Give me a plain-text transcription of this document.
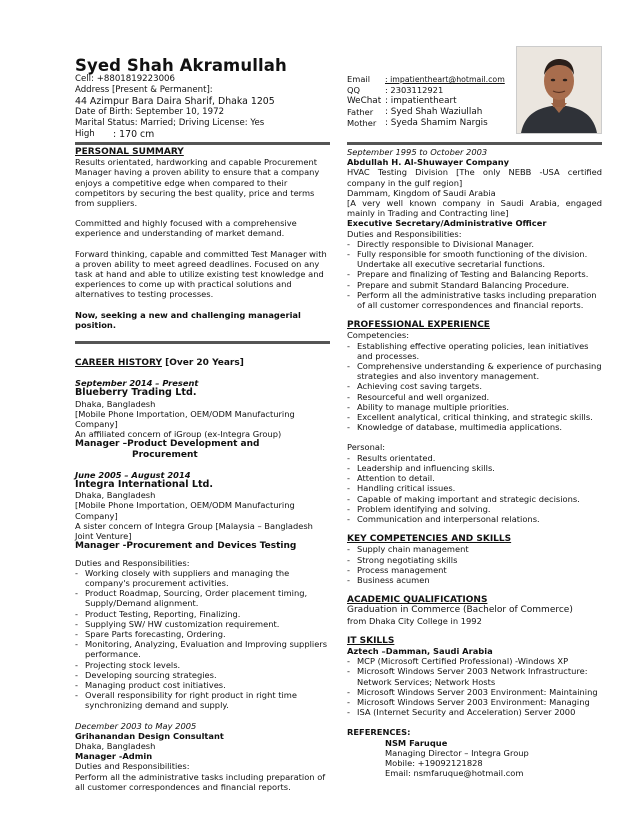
Syed Shah Akramullah
Cell: +8801819223006
Address [Present & Permanent]:
44 Azimpur Bara Daira Sharif, Dhaka 1205
Date of Birth: September 10, 1972
Marital Status: Married; Driving License: Yes
High	: 170 cm
Email	: impatientheart@hotmail.com
QQ	: 2303112921
WeChat : impatientheart
Father	: Syed Shah Waziullah
Mother : Syeda Shamim Nargis
PERSONAL SUMMARY

Results orientated, hardworking and capable Procurement Manager having a proven ability to ensure that a company enjoys a competitive edge when compared to their competitors by securing the best quality, price and terms from suppliers.

Committed and highly focused with a comprehensive experience and understanding of market demand.

Forward thinking, capable and committed Test Manager with a proven ability to meet agreed deadlines. Focused on any task at hand and able to utilize existing test knowledge and experiences to come up with practical solutions and alternatives to testing processes.

Now, seeking a new and challenging managerial position.

CAREER HISTORY [Over 20 Years]
September 2014 – Present
Blueberry Trading Ltd.
Dhaka, Bangladesh
[Mobile Phone Importation, OEM/ODM Manufacturing Company]
An affiliated concern of iGroup (ex-Integra Group)
Manager –Product Development and
Procurement
June 2005 – August 2014
Integra International Ltd.
Dhaka, Bangladesh
[Mobile Phone Importation, OEM/ODM Manufacturing Company]
A sister concern of Integra Group [Malaysia – Bangladesh Joint Venture]
Manager -Procurement and Devices Testing
Duties and Responsibilities:
- Working closely with suppliers and managing the company's procurement activities.
- Product Roadmap, Sourcing, Order placement timing, Supply/Demand alignment.
- Product Testing, Reporting, Finalizing.
- Supplying SW/ HW customization requirement.
- Spare Parts forecasting, Ordering.
- Monitoring, Analyzing, Evaluation and Improving suppliers performance.
- Projecting stock levels.
- Developing sourcing strategies.
- Managing product cost initiatives.
- Overall responsibility for right product in right time synchronizing demand and supply.
December 2003 to May 2005
Grihanandan Design Consultant
Dhaka, Bangladesh
Manager -Admin
Duties and Responsibilities:
Perform all the administrative tasks including preparation of all customer correspondences and financial reports.
September 1995 to October 2003
Abdullah H. Al-Shuwayer Company
HVAC Testing Division [The only NEBB -USA certified company in the gulf region]
Dammam, Kingdom of Saudi Arabia
[A very well known company in Saudi Arabia, engaged mainly in Trading and Contracting line]
Executive Secretary/Administrative Officer
Duties and Responsibilities:
- Directly responsible to Divisional Manager.
- Fully responsible for smooth functioning of the division. Undertake all executive secretarial functions.
- Prepare and finalizing of Testing and Balancing Reports.
- Prepare and submit Standard Balancing Procedure.
- Perform all the administrative tasks including preparation of all customer correspondences and financial reports.
PROFESSIONAL EXPERIENCE
Competencies:
- Establishing effective operating policies, lean initiatives and processes.
- Comprehensive understanding & experience of purchasing strategies and also inventory management.
- Achieving cost saving targets.
- Resourceful and well organized.
- Ability to manage multiple priorities.
- Excellent analytical, critical thinking, and strategic skills.
- Knowledge of database, multimedia applications.
Personal:
- Results orientated.
- Leadership and influencing skills.
- Attention to detail.
- Handling critical issues.
- Capable of making important and strategic decisions.
- Problem identifying and solving.
- Communication and interpersonal relations.
KEY COMPETENCIES AND SKILLS
- Supply chain management
- Strong negotiating skills
- Process management
- Business acumen
ACADEMIC QUALIFICATIONS
Graduation in Commerce (Bachelor of Commerce)
from Dhaka City College in 1992
IT SKILLS
Aztech –Damman, Saudi Arabia
- MCP (Microsoft Certified Professional) -Windows XP
- Microsoft Windows Server 2003 Network Infrastructure: Network Services; Network Hosts
- Microsoft Windows Server 2003 Environment: Maintaining
- Microsoft Windows Server 2003 Environment: Managing
- ISA (Internet Security and Acceleration) Server 2000
REFERENCES:
NSM Faruque
Managing Director – Integra Group
Mobile: +19092121828
Email: nsmfaruque@hotmail.com
